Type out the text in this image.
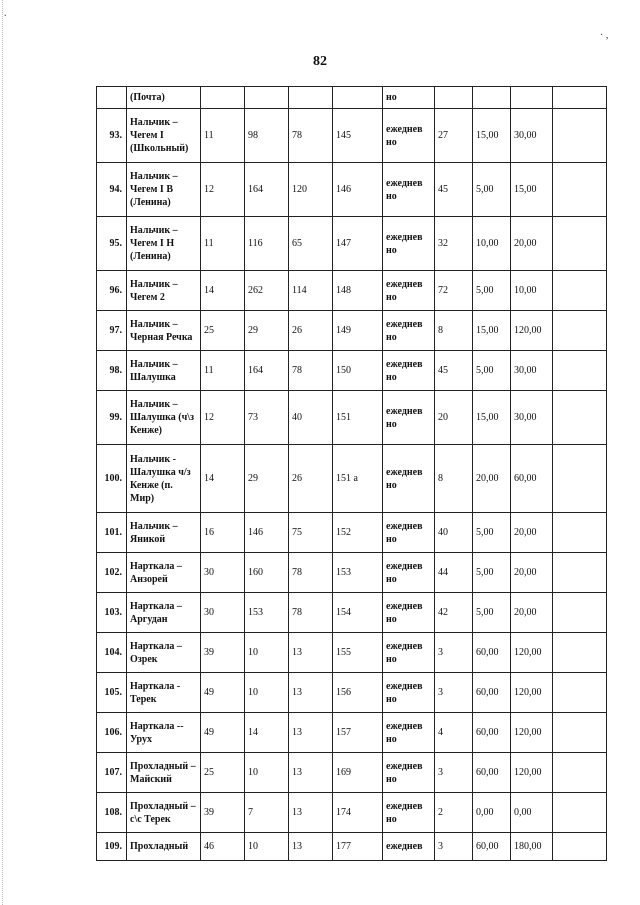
82
.
· ,
	(Почта)					но				
93.	Нальчик – Чегем I (Школьный)	11	98	78	145	ежеднев но	27	15,00	30,00	
94.	Нальчик – Чегем I В (Ленина)	12	164	120	146	ежеднев но	45	5,00	15,00	
95.	Нальчик – Чегем I Н (Ленина)	11	116	65	147	ежеднев но	32	10,00	20,00	
96.	Нальчик – Чегем 2	14	262	114	148	ежеднев но	72	5,00	10,00	
97.	Нальчик – Черная Речка	25	29	26	149	ежеднев но	8	15,00	120,00	
98.	Нальчик – Шалушка	11	164	78	150	ежеднев но	45	5,00	30,00	
99.	Нальчик – Шалушка (ч\з Кенже)	12	73	40	151	ежеднев но	20	15,00	30,00	
100.	Нальчик - Шалушка ч/з Кенже (п. Мир)	14	29	26	151 а	ежеднев но	8	20,00	60,00	
101.	Нальчик – Яникой	16	146	75	152	ежеднев но	40	5,00	20,00	
102.	Нарткала – Анзорей	30	160	78	153	ежеднев но	44	5,00	20,00	
103.	Нарткала – Аргудан	30	153	78	154	ежеднев но	42	5,00	20,00	
104.	Нарткала – Озрек	39	10	13	155	ежеднев но	3	60,00	120,00	
105.	Нарткала - Терек	49	10	13	156	ежеднев но	3	60,00	120,00	
106.	Нарткала -- Урух	49	14	13	157	ежеднев но	4	60,00	120,00	
107.	Прохладный – Майский	25	10	13	169	ежеднев но	3	60,00	120,00	
108.	Прохладный – с\с Терек	39	7	13	174	ежеднев но	2	0,00	0,00	
109.	Прохладный	46	10	13	177	ежеднев	3	60,00	180,00	
